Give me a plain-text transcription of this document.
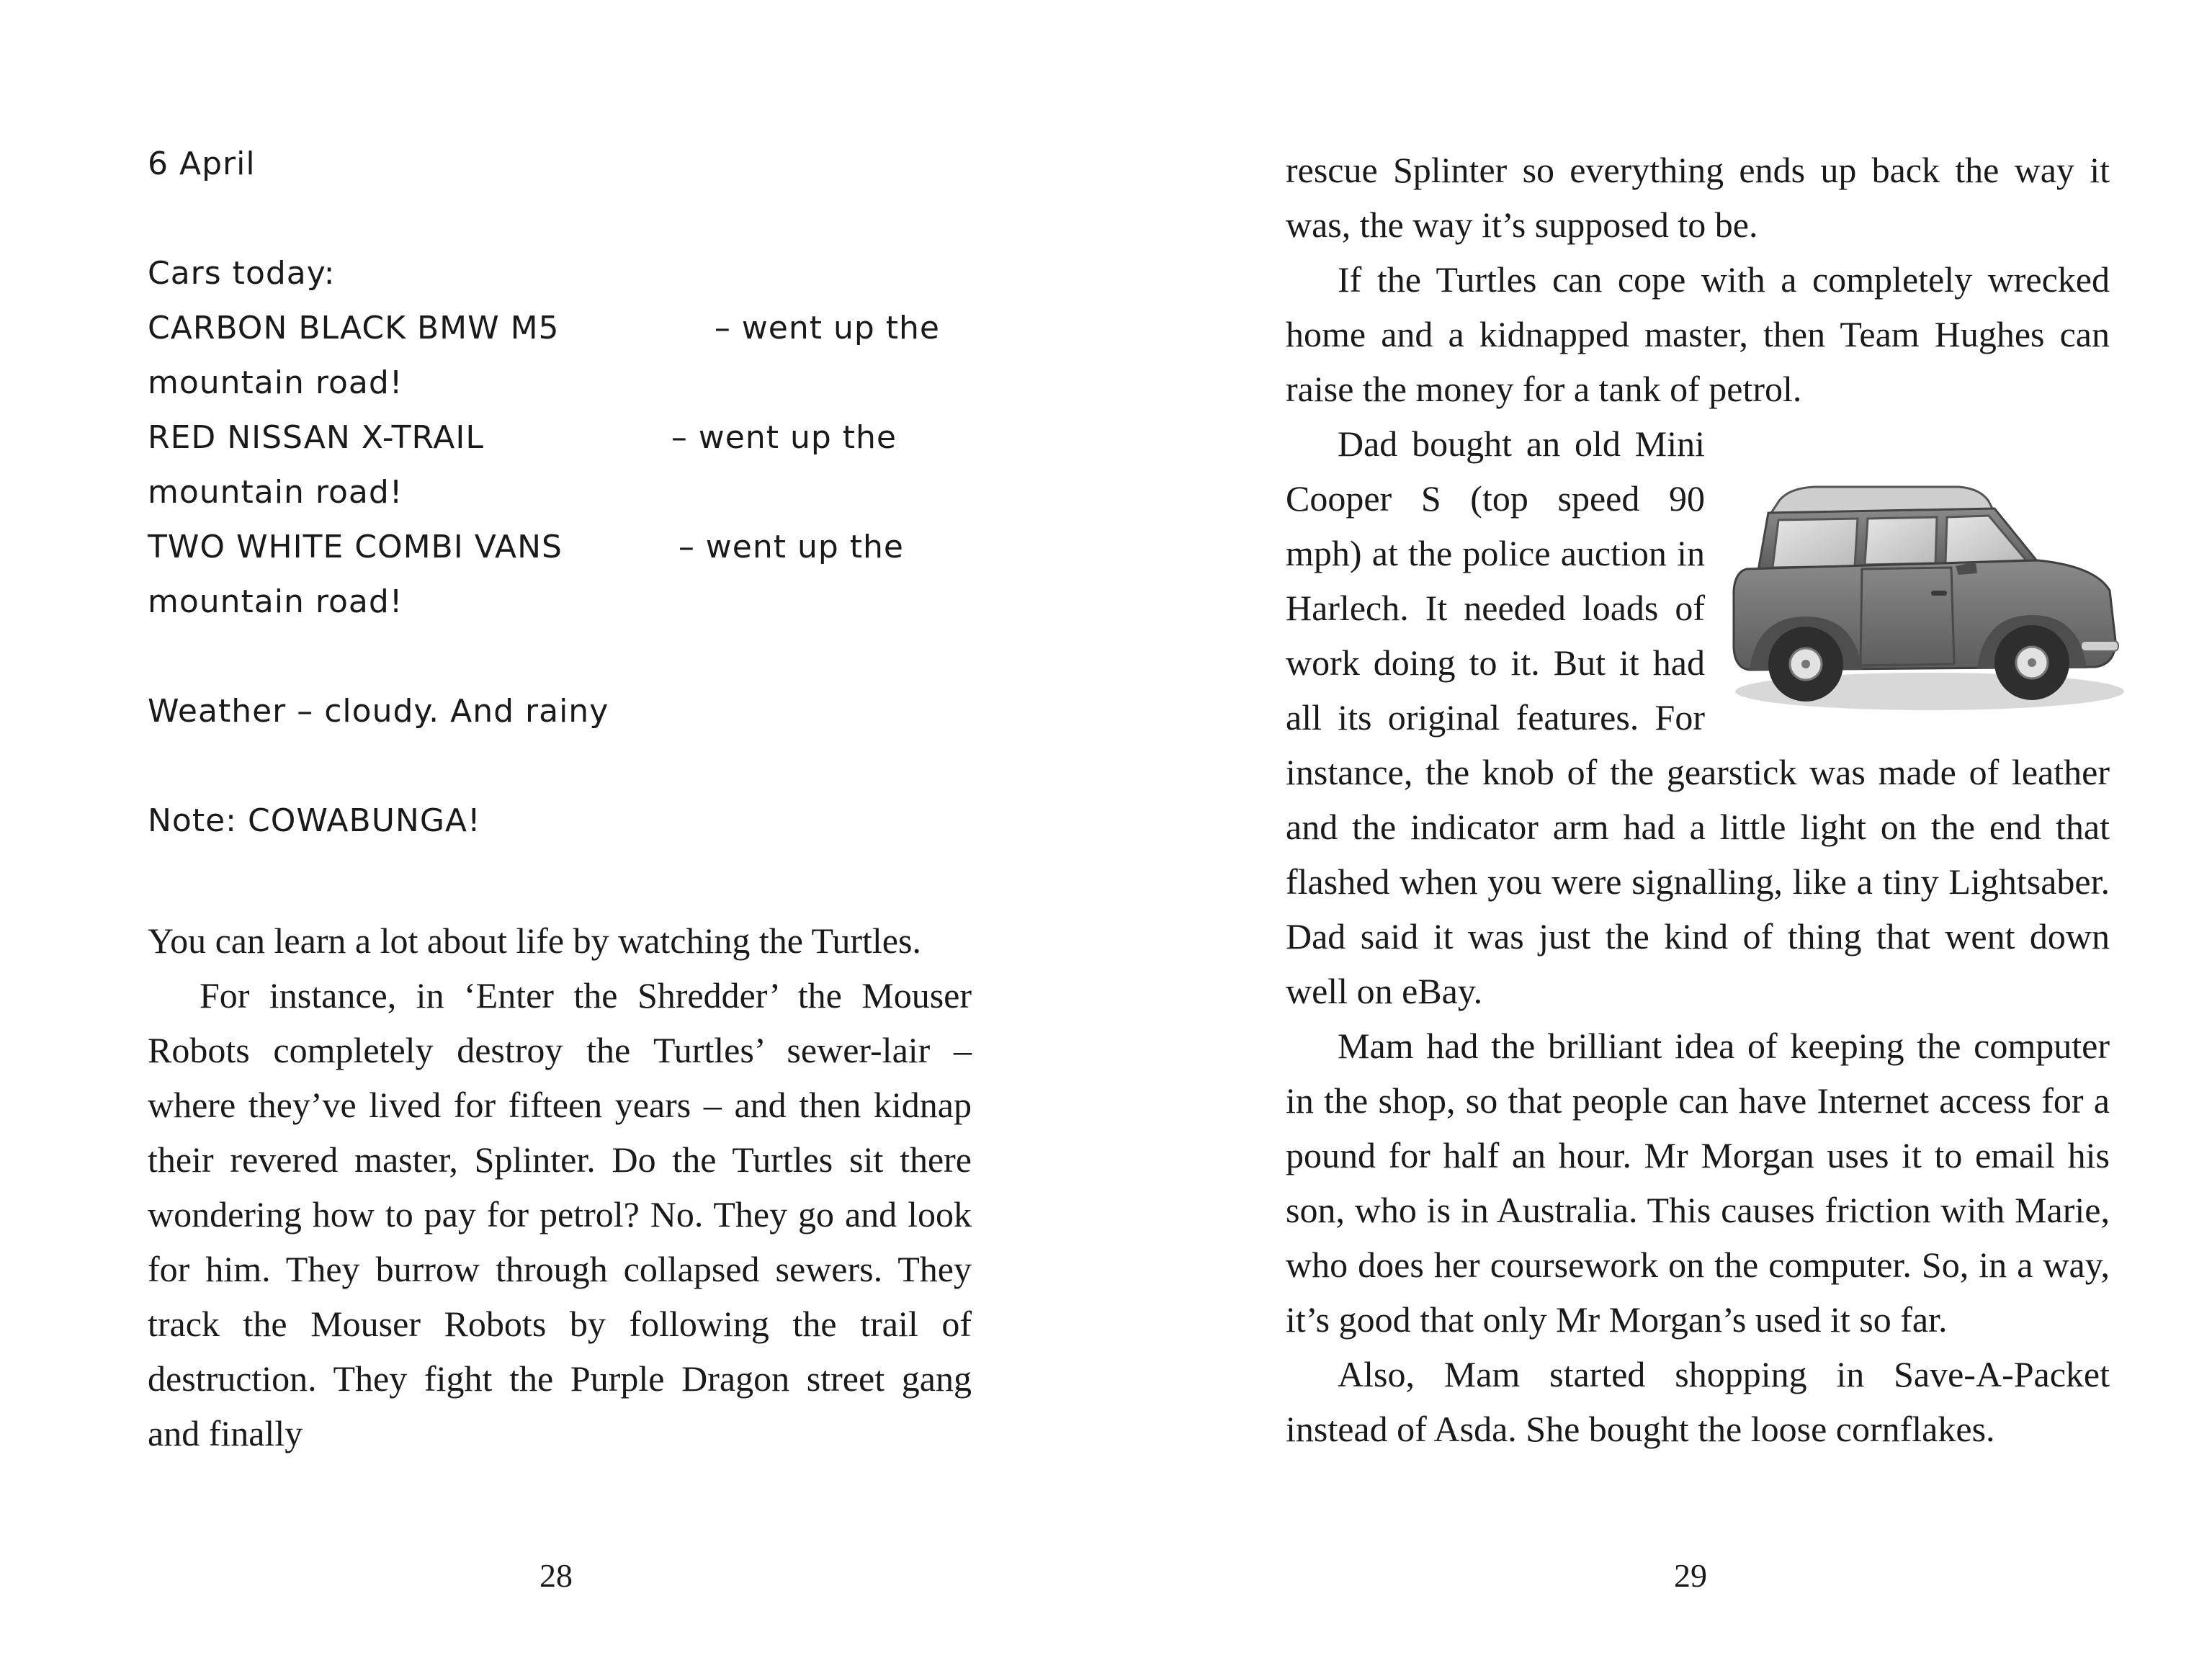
6 April
Cars today:
CARBON BLACK BMW M5	– went up the
mountain road!
RED NISSAN X-TRAIL	– went up the
mountain road!
TWO WHITE COMBI VANS	– went up the
mountain road!
Weather – cloudy. And rainy
Note: COWABUNGA!

You can learn a lot about life by watching the Turtles.

For instance, in ‘Enter the Shredder’ the Mouser Robots completely destroy the Turtles’ sewer-lair – where they’ve lived for fifteen years – and then kidnap their revered master, Splinter. Do the Turtles sit there wondering how to pay for petrol? No. They go and look for him. They burrow through collapsed sewers. They track the Mouser Robots by following the trail of destruction. They fight the Purple Dragon street gang and finally

28

rescue Splinter so everything ends up back the way it was, the way it’s supposed to be.

If the Turtles can cope with a completely wrecked home and a kidnapped master, then Team Hughes can raise the money for a tank of petrol.

Dad bought an old Mini Cooper S (top speed 90 mph) at the police auction in Harlech. It needed loads of work doing to it. But it had all its original features. For instance, the knob of the gearstick was made of leather and the indicator arm had a little light on the end that flashed when you were signalling, like a tiny Lightsaber. Dad said it was just the kind of thing that went down well on eBay.

Mam had the brilliant idea of keeping the computer in the shop, so that people can have Internet access for a pound for half an hour. Mr Morgan uses it to email his son, who is in Australia. This causes friction with Marie, who does her coursework on the computer. So, in a way, it’s good that only Mr Morgan’s used it so far.

Also, Mam started shopping in Save-A-Packet instead of Asda. She bought the loose cornflakes.

29
